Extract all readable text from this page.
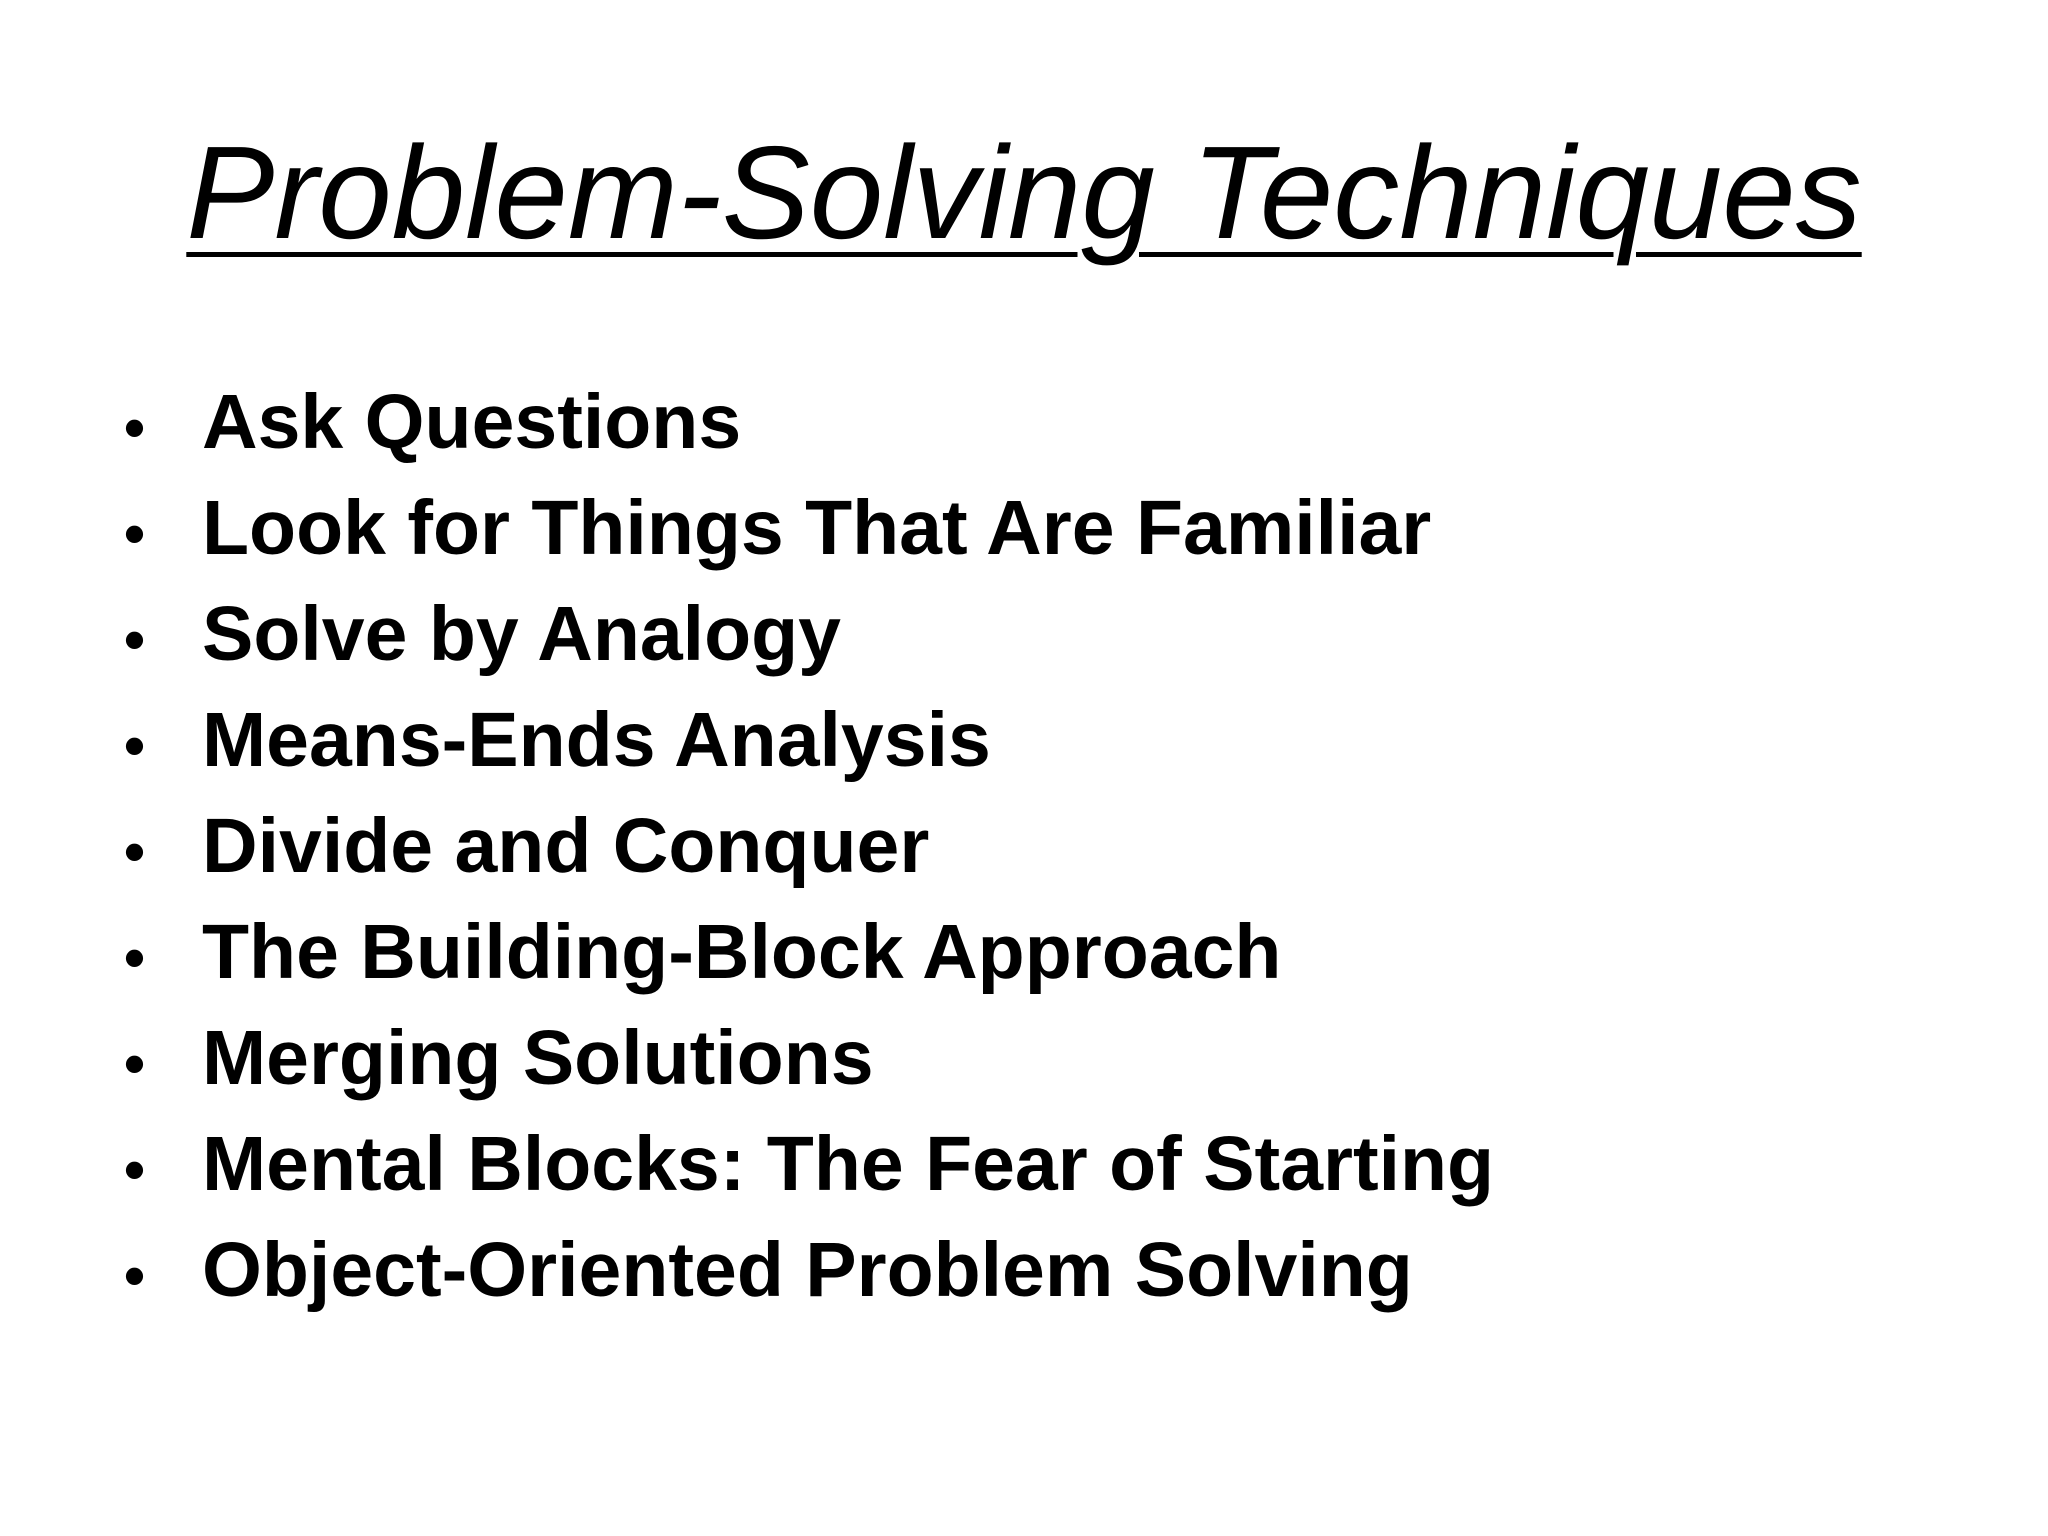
Problem-Solving Techniques
• Ask Questions
• Look for Things That Are Familiar
• Solve by Analogy
• Means-Ends Analysis
• Divide and Conquer
• The Building-Block Approach
• Merging Solutions
• Mental Blocks: The Fear of Starting
• Object-Oriented Problem Solving
